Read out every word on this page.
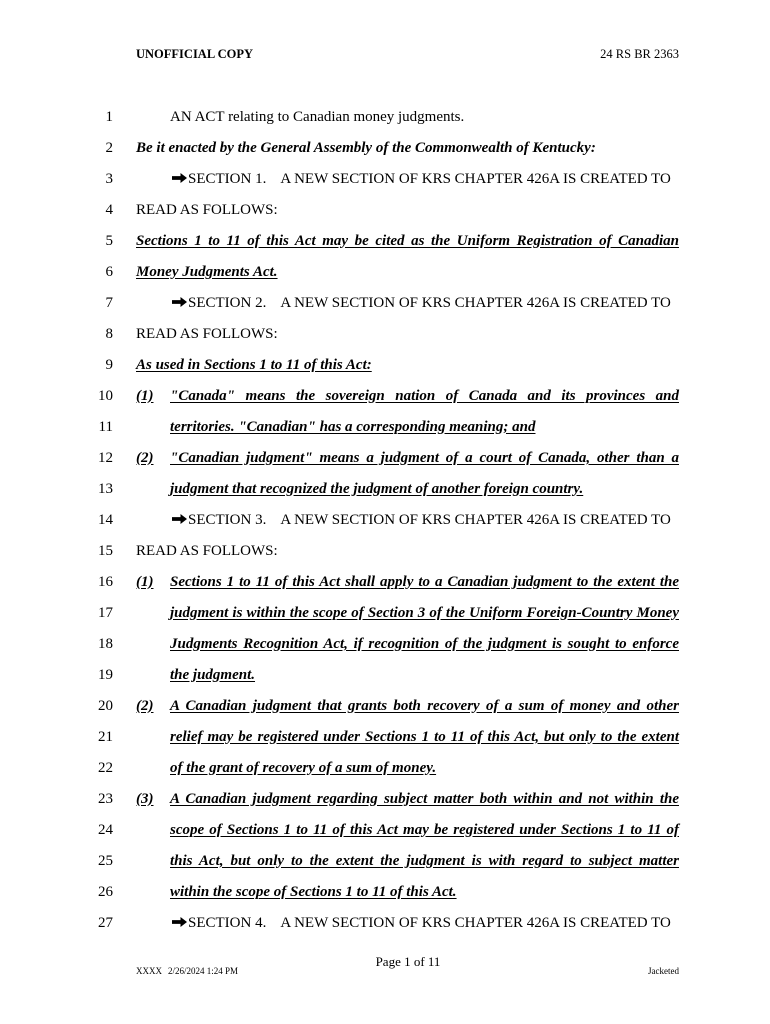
UNOFFICIAL COPY	24 RS BR 2363
1	AN ACT relating to Canadian money judgments.
2 Be it enacted by the General Assembly of the Commonwealth of Kentucky:
3	SECTION 1. A NEW SECTION OF KRS CHAPTER 426A IS CREATED TO
4 READ AS FOLLOWS:
5 Sections 1 to 11 of this Act may be cited as the Uniform Registration of Canadian
6 Money Judgments Act.
7	SECTION 2. A NEW SECTION OF KRS CHAPTER 426A IS CREATED TO
8 READ AS FOLLOWS:
9 As used in Sections 1 to 11 of this Act:
10 (1) "Canada" means the sovereign nation of Canada and its provinces and
11	territories. "Canadian" has a corresponding meaning; and
12 (2) "Canadian judgment" means a judgment of a court of Canada, other than a
13	judgment that recognized the judgment of another foreign country.
14	SECTION 3. A NEW SECTION OF KRS CHAPTER 426A IS CREATED TO
15 READ AS FOLLOWS:
16 (1) Sections 1 to 11 of this Act shall apply to a Canadian judgment to the extent the
17	judgment is within the scope of Section 3 of the Uniform Foreign-Country Money
18	Judgments Recognition Act, if recognition of the judgment is sought to enforce
19	the judgment.
20 (2) A Canadian judgment that grants both recovery of a sum of money and other
21	relief may be registered under Sections 1 to 11 of this Act, but only to the extent
22	of the grant of recovery of a sum of money.
23 (3) A Canadian judgment regarding subject matter both within and not within the
24	scope of Sections 1 to 11 of this Act may be registered under Sections 1 to 11 of
25	this Act, but only to the extent the judgment is with regard to subject matter
26	within the scope of Sections 1 to 11 of this Act.
27	SECTION 4. A NEW SECTION OF KRS CHAPTER 426A IS CREATED TO
Page 1 of 11
XXXX 2/26/2024 1:24 PM	Jacketed
